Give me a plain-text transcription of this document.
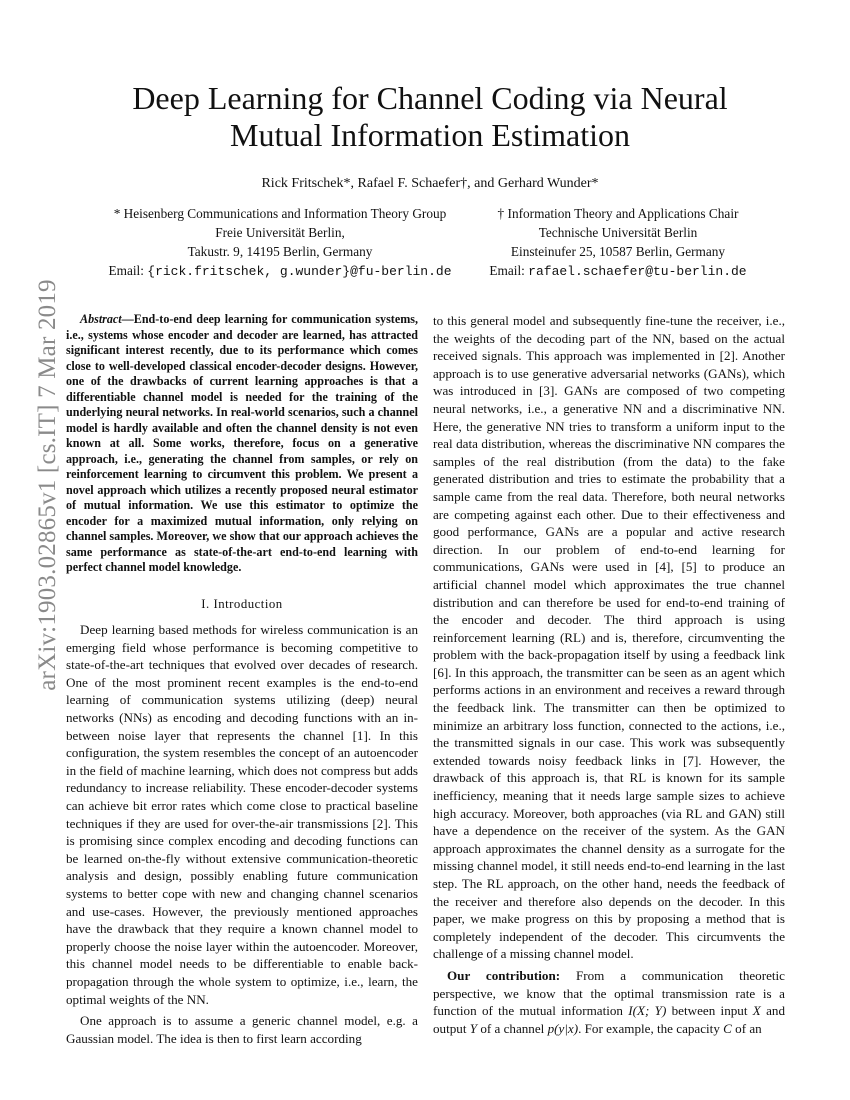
arXiv:1903.02865v1 [cs.IT] 7 Mar 2019
Deep Learning for Channel Coding via Neural
Mutual Information Estimation
Rick Fritschek*, Rafael F. Schaefer†, and Gerhard Wunder*
* Heisenberg Communications and Information Theory Group
Freie Universität Berlin,
Takustr. 9, 14195 Berlin, Germany
Email: {rick.fritschek, g.wunder}@fu-berlin.de
† Information Theory and Applications Chair
Technische Universität Berlin
Einsteinufer 25, 10587 Berlin, Germany
Email: rafael.schaefer@tu-berlin.de

Abstract—End-to-end deep learning for communication systems, i.e., systems whose encoder and decoder are learned, has attracted significant interest recently, due to its performance which comes close to well-developed classical encoder-decoder designs. However, one of the drawbacks of current learning approaches is that a differentiable channel model is needed for the training of the underlying neural networks. In real-world scenarios, such a channel model is hardly available and often the channel density is not even known at all. Some works, therefore, focus on a generative approach, i.e., generating the channel from samples, or rely on reinforcement learning to circumvent this problem. We present a novel approach which utilizes a recently proposed neural estimator of mutual information. We use this estimator to optimize the encoder for a maximized mutual information, only relying on channel samples. Moreover, we show that our approach achieves the same performance as state-of-the-art end-to-end learning with perfect channel model knowledge.

I. Introduction

Deep learning based methods for wireless communication is an emerging field whose performance is becoming competitive to state-of-the-art techniques that evolved over decades of research. One of the most prominent recent examples is the end-to-end learning of communication systems utilizing (deep) neural networks (NNs) as encoding and decoding functions with an in-between noise layer that represents the channel [1]. In this configuration, the system resembles the concept of an autoencoder in the field of machine learning, which does not compress but adds redundancy to increase reliability. These encoder-decoder systems can achieve bit error rates which come close to practical baseline techniques if they are used for over-the-air transmissions [2]. This is promising since complex encoding and decoding functions can be learned on-the-fly without extensive communication-theoretic analysis and design, possibly enabling future communication systems to better cope with new and changing channel scenarios and use-cases. However, the previously mentioned approaches have the drawback that they require a known channel model to properly choose the noise layer within the autoencoder. Moreover, this channel model needs to be differentiable to enable back-propagation through the whole system to optimize, i.e., learn, the optimal weights of the NN.

One approach is to assume a generic channel model, e.g. a Gaussian model. The idea is then to first learn according

to this general model and subsequently fine-tune the receiver, i.e., the weights of the decoding part of the NN, based on the actual received signals. This approach was implemented in [2]. Another approach is to use generative adversarial networks (GANs), which was introduced in [3]. GANs are composed of two competing neural networks, i.e., a generative NN and a discriminative NN. Here, the generative NN tries to transform a uniform input to the real data distribution, whereas the discriminative NN compares the samples of the real distribution (from the data) to the fake generated distribution and tries to estimate the probability that a sample came from the real data. Therefore, both neural networks are competing against each other. Due to their effectiveness and good performance, GANs are a popular and active research direction. In our problem of end-to-end learning for communications, GANs were used in [4], [5] to produce an artificial channel model which approximates the true channel distribution and can therefore be used for end-to-end training of the encoder and decoder. The third approach is using reinforcement learning (RL) and is, therefore, circumventing the problem with the back-propagation itself by using a feedback link [6]. In this approach, the transmitter can be seen as an agent which performs actions in an environment and receives a reward through the feedback link. The transmitter can then be optimized to minimize an arbitrary loss function, connected to the actions, i.e., the transmitted signals in our case. This work was subsequently extended towards noisy feedback links in [7]. However, the drawback of this approach is, that RL is known for its sample inefficiency, meaning that it needs large sample sizes to achieve high accuracy. Moreover, both approaches (via RL and GAN) still have a dependence on the receiver of the system. As the GAN approach approximates the channel density as a surrogate for the missing channel model, it still needs end-to-end learning in the last step. The RL approach, on the other hand, needs the feedback of the receiver and therefore also depends on the decoder. In this paper, we make progress on this by proposing a method that is completely independent of the decoder. This circumvents the challenge of a missing channel model.

Our contribution: From a communication theoretic perspective, we know that the optimal transmission rate is a function of the mutual information I(X; Y) between input X and output Y of a channel p(y|x). For example, the capacity C of an
